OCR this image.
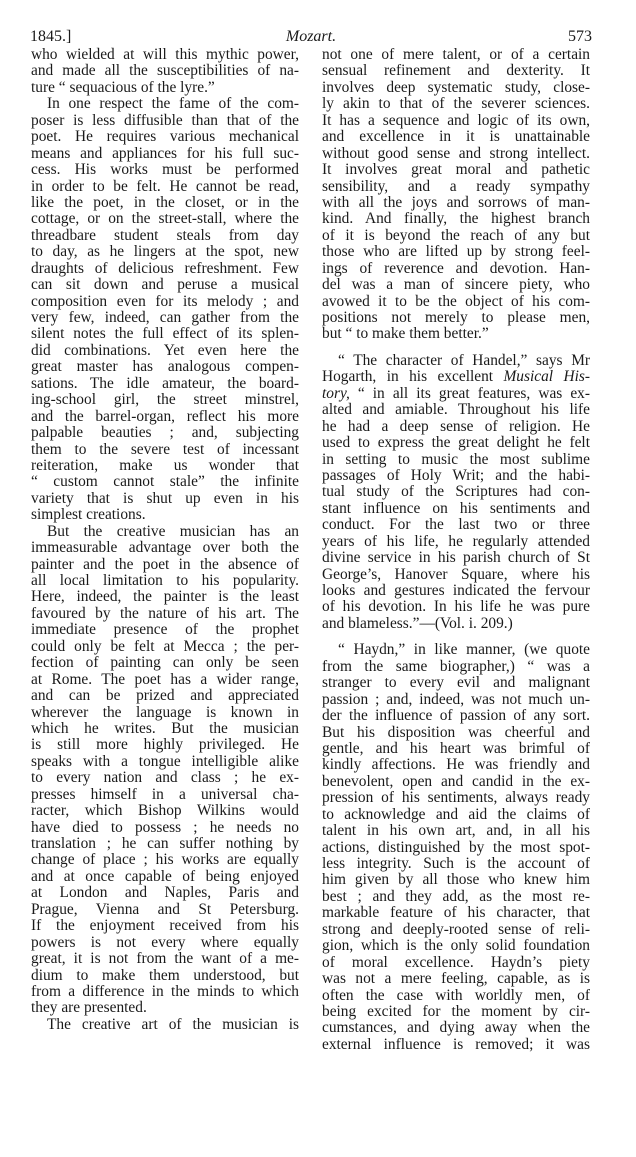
1845.]	Mozart.	573
who wielded at will this mythic power,
and made all the susceptibilities of na-
ture “ sequacious of the lyre.”
In one respect the fame of the com-
poser is less diffusible than that of the
poet. He requires various mechanical
means and appliances for his full suc-
cess. His works must be performed
in order to be felt. He cannot be read,
like the poet, in the closet, or in the
cottage, or on the street-stall, where the
threadbare student steals from day
to day, as he lingers at the spot, new
draughts of delicious refreshment. Few
can sit down and peruse a musical
composition even for its melody ; and
very few, indeed, can gather from the
silent notes the full effect of its splen-
did combinations. Yet even here the
great master has analogous compen-
sations. The idle amateur, the board-
ing-school girl, the street minstrel,
and the barrel-organ, reflect his more
palpable beauties ; and, subjecting
them to the severe test of incessant
reiteration, make us wonder that
“ custom cannot stale” the infinite
variety that is shut up even in his
simplest creations.
But the creative musician has an
immeasurable advantage over both the
painter and the poet in the absence of
all local limitation to his popularity.
Here, indeed, the painter is the least
favoured by the nature of his art. The
immediate presence of the prophet
could only be felt at Mecca ; the per-
fection of painting can only be seen
at Rome. The poet has a wider range,
and can be prized and appreciated
wherever the language is known in
which he writes. But the musician
is still more highly privileged. He
speaks with a tongue intelligible alike
to every nation and class ; he ex-
presses himself in a universal cha-
racter, which Bishop Wilkins would
have died to possess ; he needs no
translation ; he can suffer nothing by
change of place ; his works are equally
and at once capable of being enjoyed
at London and Naples, Paris and
Prague, Vienna and St Petersburg.
If the enjoyment received from his
powers is not every where equally
great, it is not from the want of a me-
dium to make them understood, but
from a difference in the minds to which
they are presented.
The creative art of the musician is
not one of mere talent, or of a certain
sensual refinement and dexterity. It
involves deep systematic study, close-
ly akin to that of the severer sciences.
It has a sequence and logic of its own,
and excellence in it is unattainable
without good sense and strong intellect.
It involves great moral and pathetic
sensibility, and a ready sympathy
with all the joys and sorrows of man-
kind. And finally, the highest branch
of it is beyond the reach of any but
those who are lifted up by strong feel-
ings of reverence and devotion. Han-
del was a man of sincere piety, who
avowed it to be the object of his com-
positions not merely to please men,
but “ to make them better.”
“ The character of Handel,” says Mr
Hogarth, in his excellent Musical His-
tory, “ in all its great features, was ex-
alted and amiable. Throughout his life
he had a deep sense of religion. He
used to express the great delight he felt
in setting to music the most sublime
passages of Holy Writ; and the habi-
tual study of the Scriptures had con-
stant influence on his sentiments and
conduct. For the last two or three
years of his life, he regularly attended
divine service in his parish church of St
George’s, Hanover Square, where his
looks and gestures indicated the fervour
of his devotion. In his life he was pure
and blameless.”—(Vol. i. 209.)
“ Haydn,” in like manner, (we quote
from the same biographer,) “ was a
stranger to every evil and malignant
passion ; and, indeed, was not much un-
der the influence of passion of any sort.
But his disposition was cheerful and
gentle, and his heart was brimful of
kindly affections. He was friendly and
benevolent, open and candid in the ex-
pression of his sentiments, always ready
to acknowledge and aid the claims of
talent in his own art, and, in all his
actions, distinguished by the most spot-
less integrity. Such is the account of
him given by all those who knew him
best ; and they add, as the most re-
markable feature of his character, that
strong and deeply-rooted sense of reli-
gion, which is the only solid foundation
of moral excellence. Haydn’s piety
was not a mere feeling, capable, as is
often the case with worldly men, of
being excited for the moment by cir-
cumstances, and dying away when the
external influence is removed; it was
